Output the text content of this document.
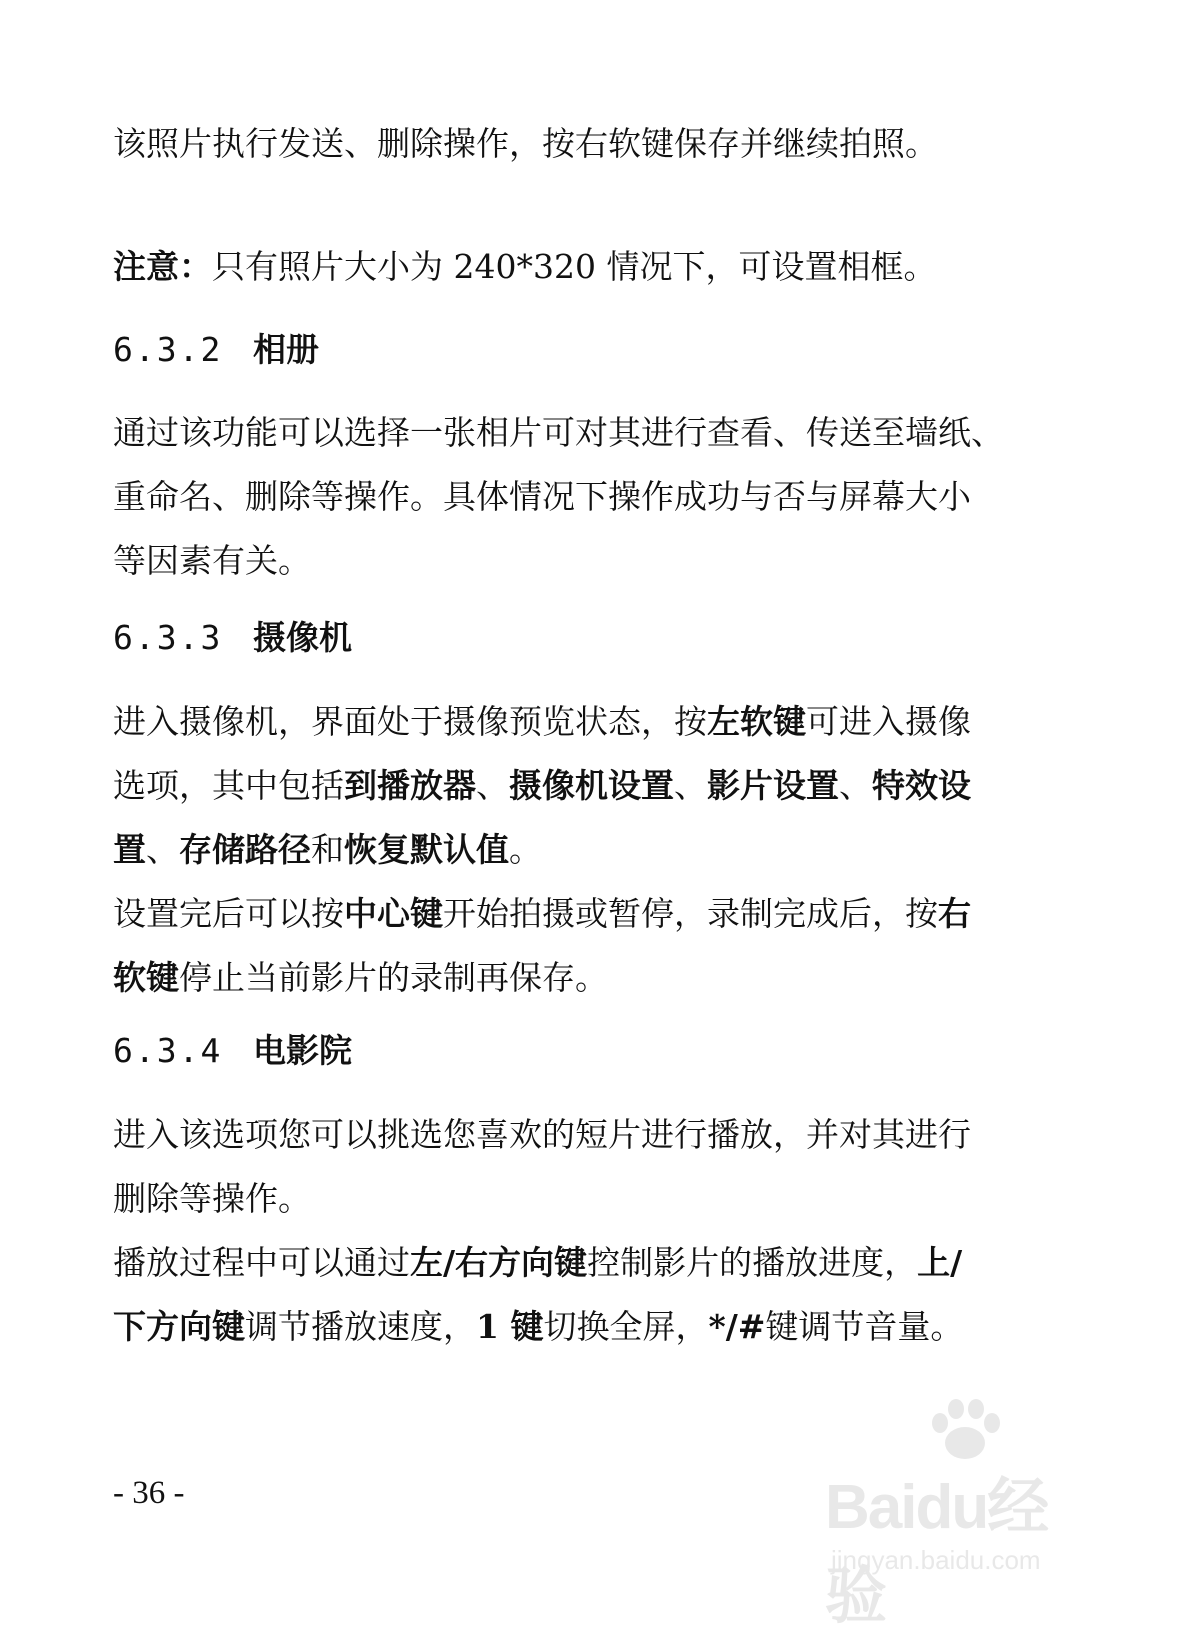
该照片执行发送、删除操作，按右软键保存并继续拍照。
注意：只有照片大小为 240*320 情况下，可设置相框。
6.3.2 相册
通过该功能可以选择一张相片可对其进行查看、传送至墙纸、
重命名、删除等操作。具体情况下操作成功与否与屏幕大小
等因素有关。
6.3.3 摄像机
进入摄像机，界面处于摄像预览状态，按左软键可进入摄像
选项，其中包括到播放器、摄像机设置、影片设置、特效设
置、存储路径和恢复默认值。
设置完后可以按中心键开始拍摄或暂停，录制完成后，按右
软键停止当前影片的录制再保存。
6.3.4 电影院
进入该选项您可以挑选您喜欢的短片进行播放，并对其进行
删除等操作。
播放过程中可以通过左/右方向键控制影片的播放进度，上/
下方向键调节播放速度，1 键切换全屏，*/#键调节音量。
- 36 -	Baidu经验
jingyan.baidu.com
